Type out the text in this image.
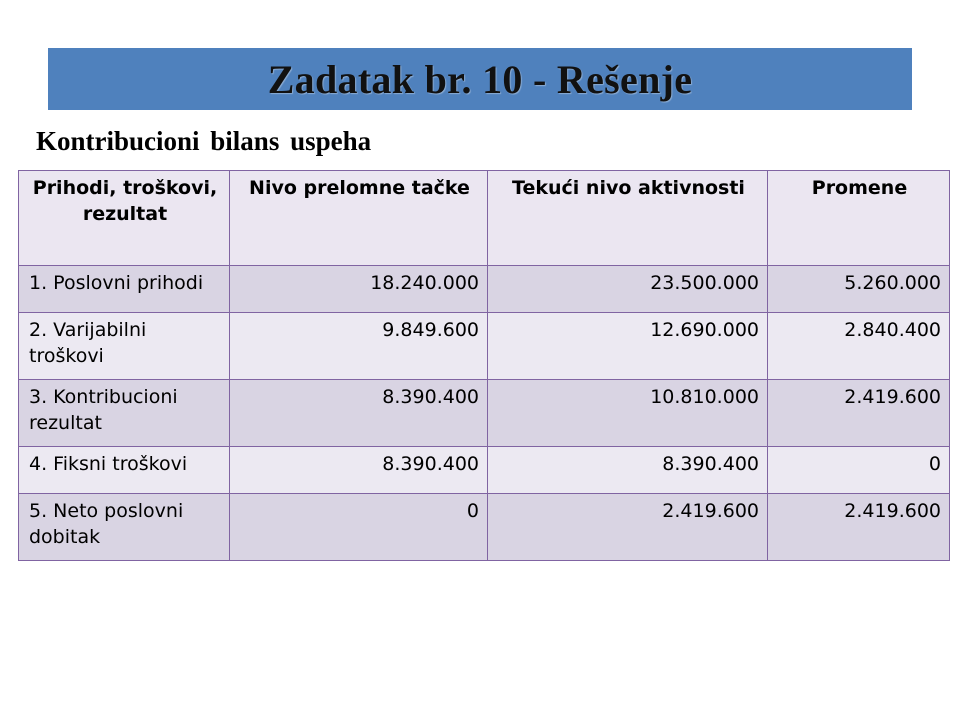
Zadatak br. 10 - Rešenje
Kontribucioni bilans uspeha
Prihodi, troškovi, rezultat	Nivo prelomne tačke	Tekući nivo aktivnosti	Promene
1. Poslovni prihodi	18.240.000	23.500.000	5.260.000
2. Varijabilni troškovi	9.849.600	12.690.000	2.840.400
3. Kontribucioni rezultat	8.390.400	10.810.000	2.419.600
4. Fiksni troškovi	8.390.400	8.390.400	0
5. Neto poslovni dobitak	0	2.419.600	2.419.600
